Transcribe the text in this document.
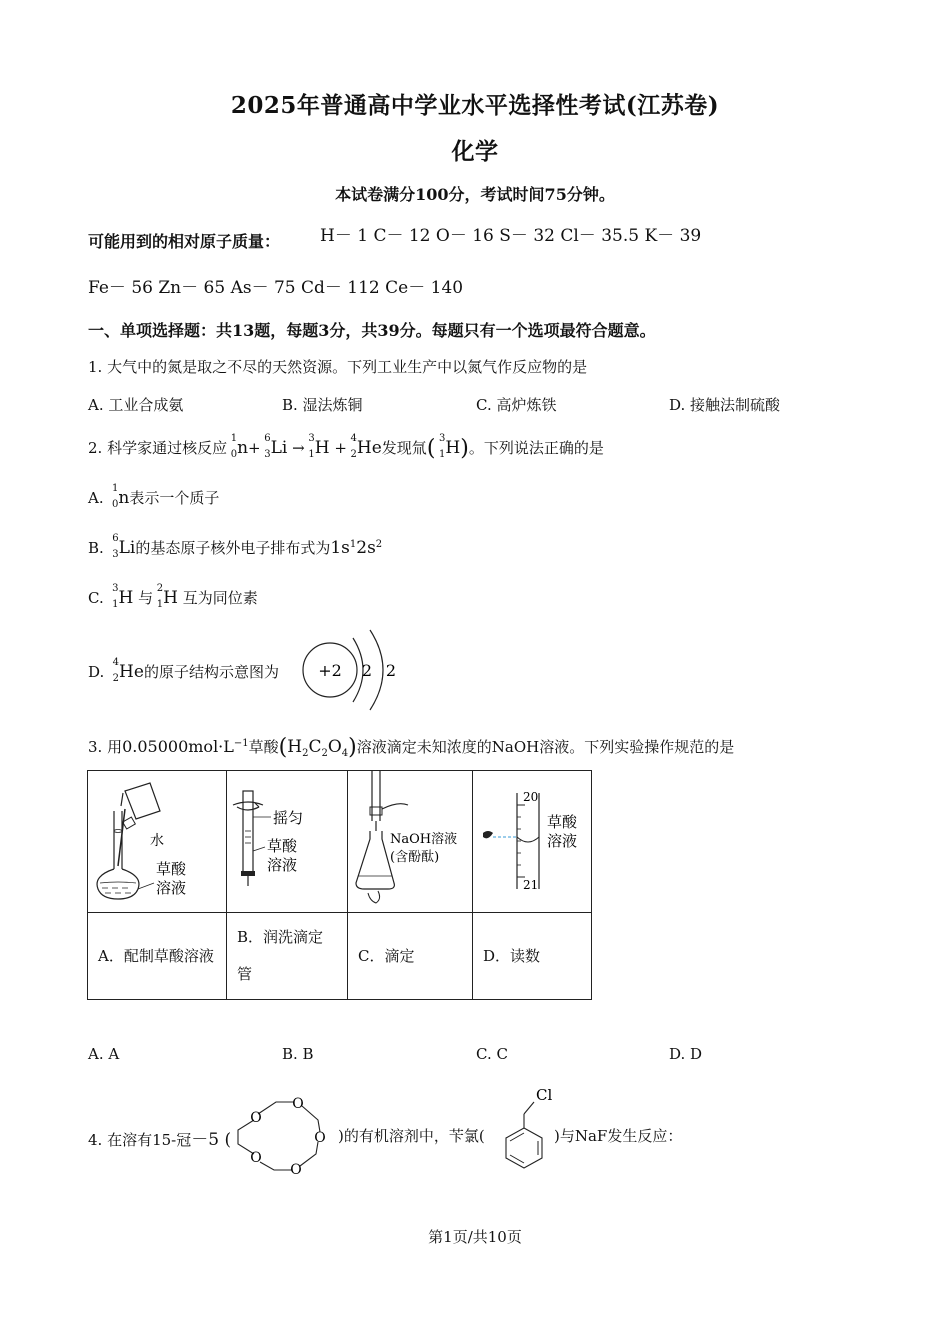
2025年普通高中学业水平选择性考试(江苏卷)
化学
本试卷满分100分，考试时间75分钟。
可能用到的相对原子质量： H－ 1 C－ 12 O－ 16 S－ 32 Cl－ 35.5 K－ 39
Fe－ 56 Zn－ 65 As－ 75 Cd－ 112 Ce－ 140
一、单项选择题：共13题，每题3分，共39分。每题只有一个选项最符合题意。
1. 大气中的氮是取之不尽的天然资源。下列工业生产中以氮气作反应物的是
A. 工业合成氨	B. 湿法炼铜	C. 高炉炼铁	D. 接触法制硫酸
2. 科学家通过核反应
1
0 n+
6
3 Li →
3
1 H +
4
2 He发现氚( 3
1 H)。下列说法正确的是
A.
1
0 n表示一个质子
B.
6
3 Li的基态原子核外电子排布式为$1s^12s^2$
C.
3
1 H 与
2
1 H 互为同位素
D.
4
2 He的原子结构示意图为 +2 2 2
3. 用$0.05000mol\cdot L^{-1}$草酸$(H_2C_2O_4)$溶液滴定未知浓度的NaOH溶液。下列实验操作规范的是
水
草酸
溶液	摇匀
草酸
溶液	NaOH溶液
(含酚酞)	20
21
草酸
溶液

A．配制草酸溶液	B．润洗滴定管	C．滴定	D．读数
A. A	B. B	C. C	D. D
4. 在溶有15-冠－5 (
O
O
O
O
O
)的有机溶剂中，苄氯(
Cl
)与NaF发生反应：
第1页/共10页
